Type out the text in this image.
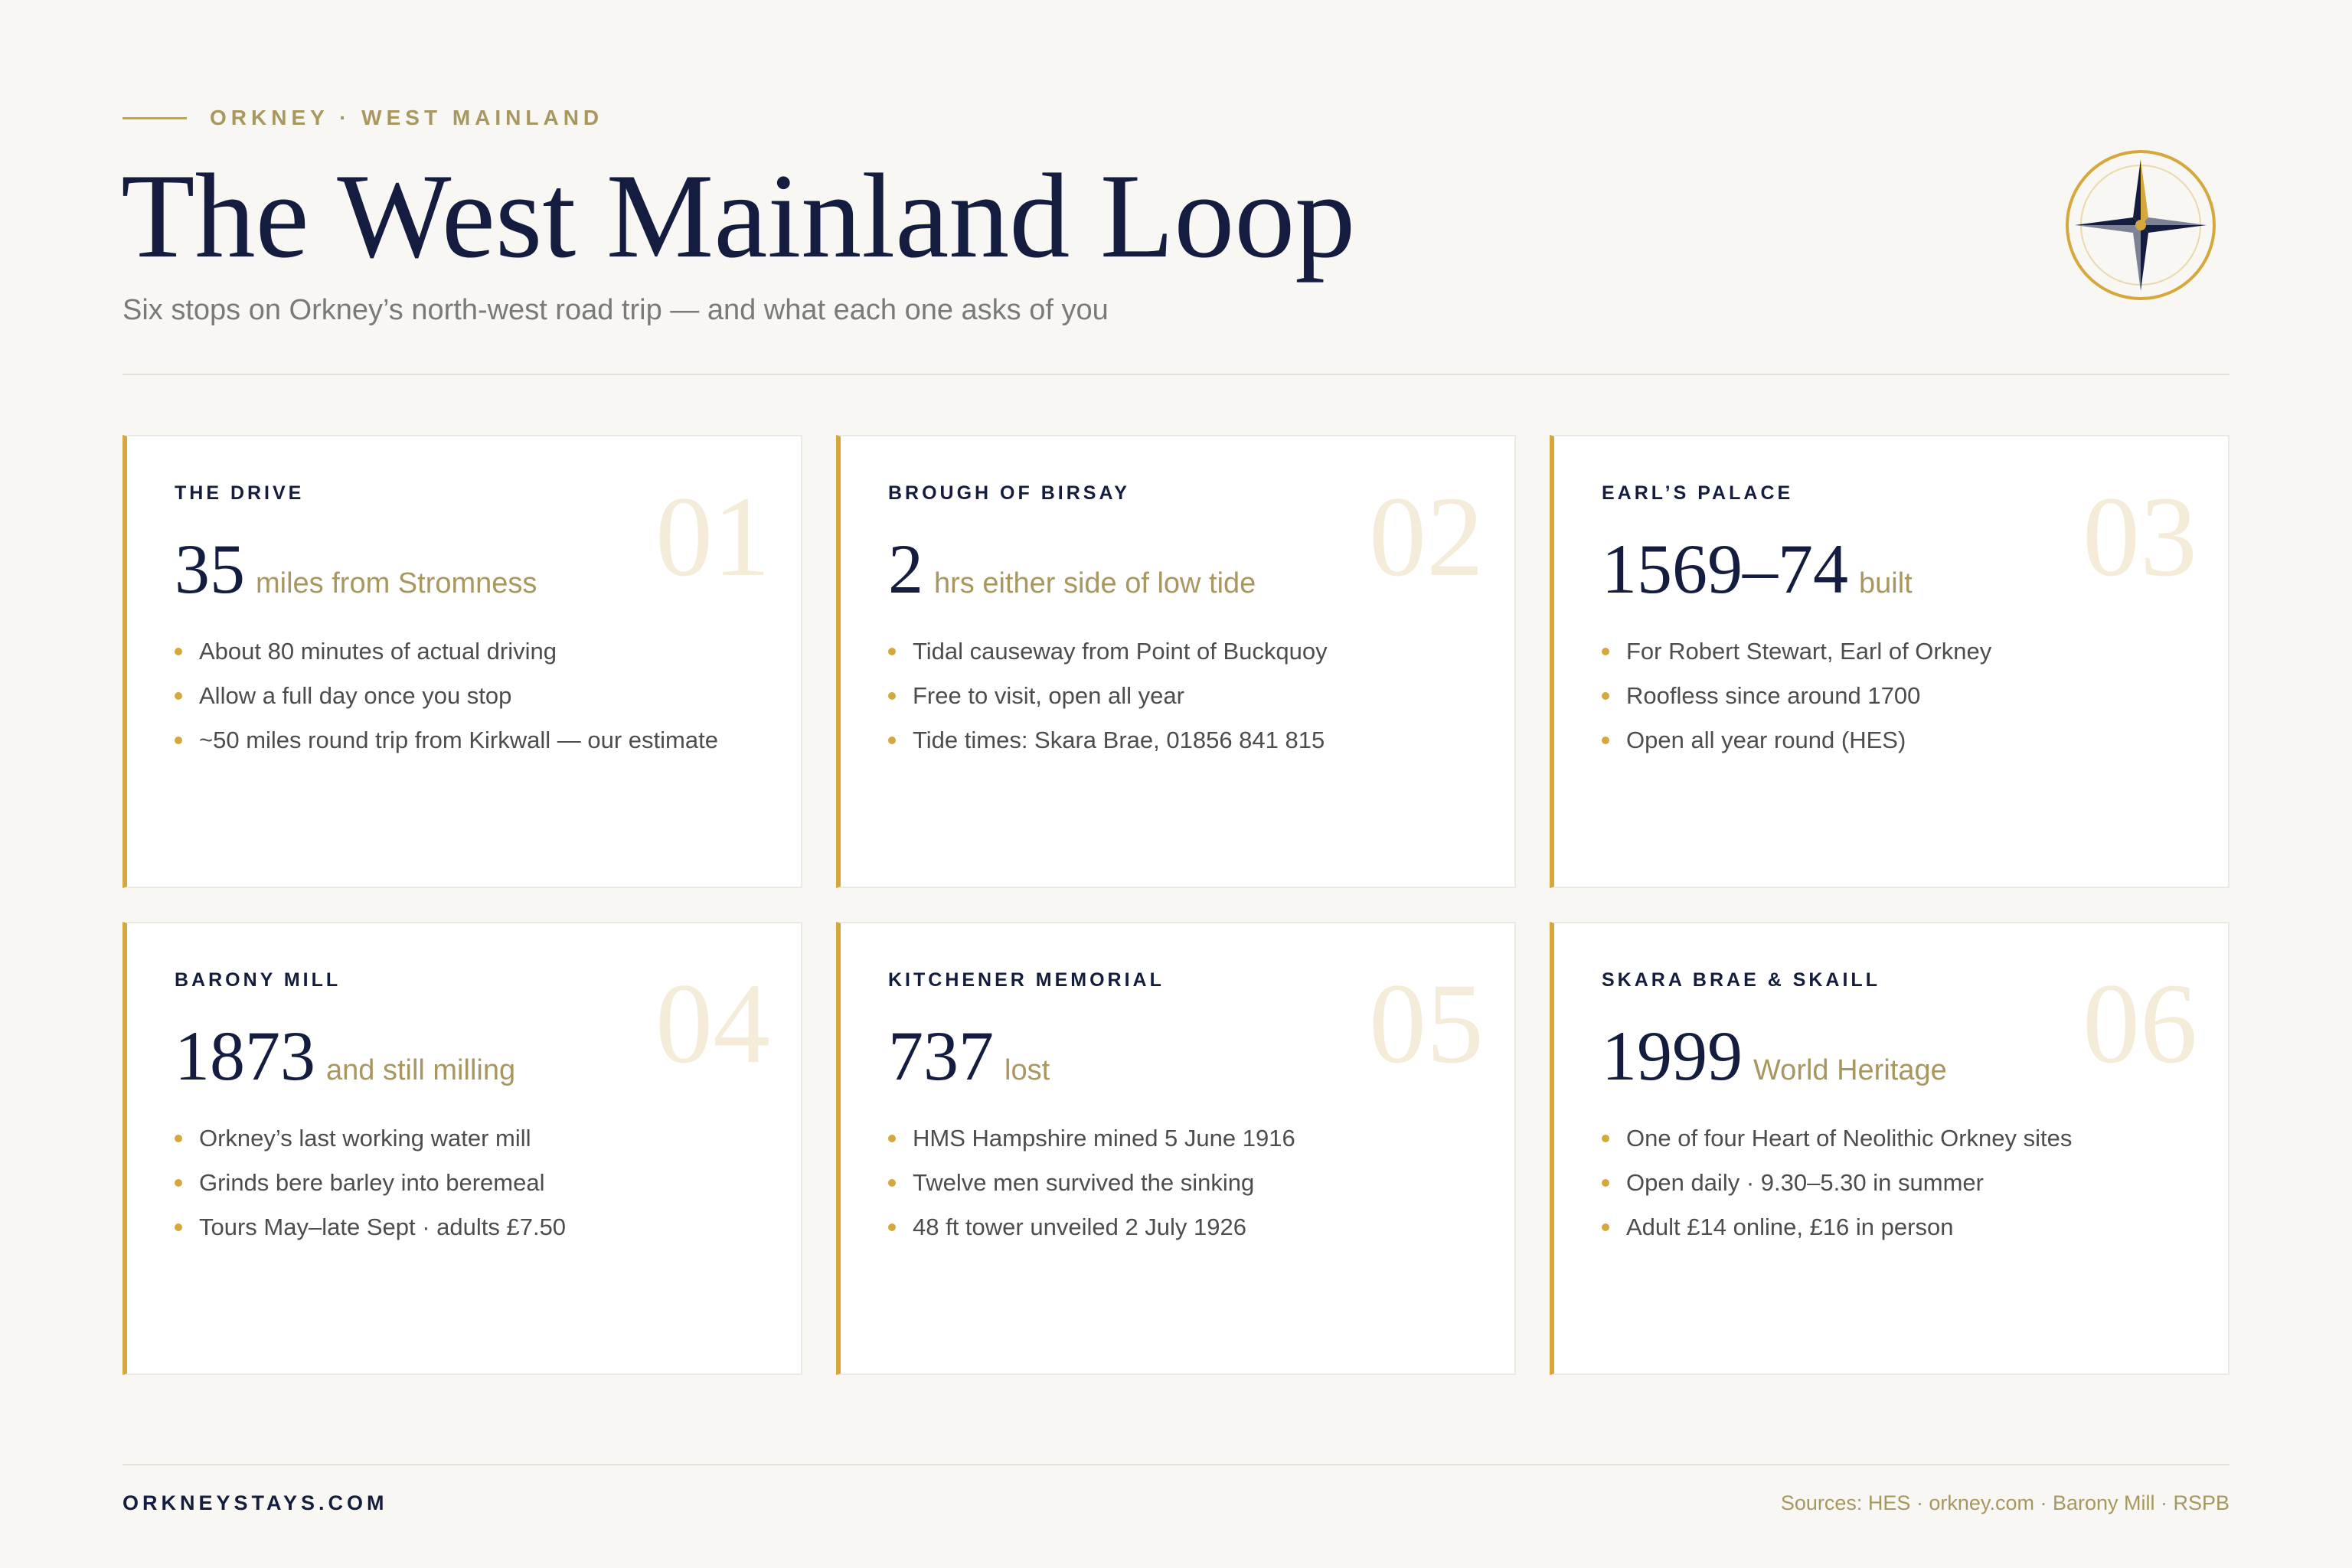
ORKNEY · WEST MAINLAND
The West Mainland Loop
Six stops on Orkney’s north-west road trip — and what each one asks of you
01
THE DRIVE
35 miles from Stromness
About 80 minutes of actual driving
Allow a full day once you stop
~50 miles round trip from Kirkwall — our estimate
02
BROUGH OF BIRSAY
2 hrs either side of low tide
Tidal causeway from Point of Buckquoy
Free to visit, open all year
Tide times: Skara Brae, 01856 841 815
03
EARL’S PALACE
1569–74 built
For Robert Stewart, Earl of Orkney
Roofless since around 1700
Open all year round (HES)
04
BARONY MILL
1873 and still milling
Orkney’s last working water mill
Grinds bere barley into beremeal
Tours May–late Sept · adults £7.50
05
KITCHENER MEMORIAL
737 lost
HMS Hampshire mined 5 June 1916
Twelve men survived the sinking
48 ft tower unveiled 2 July 1926
06
SKARA BRAE & SKAILL
1999 World Heritage
One of four Heart of Neolithic Orkney sites
Open daily · 9.30–5.30 in summer
Adult £14 online, £16 in person
ORKNEYSTAYS.COM	Sources: HES · orkney.com · Barony Mill · RSPB
